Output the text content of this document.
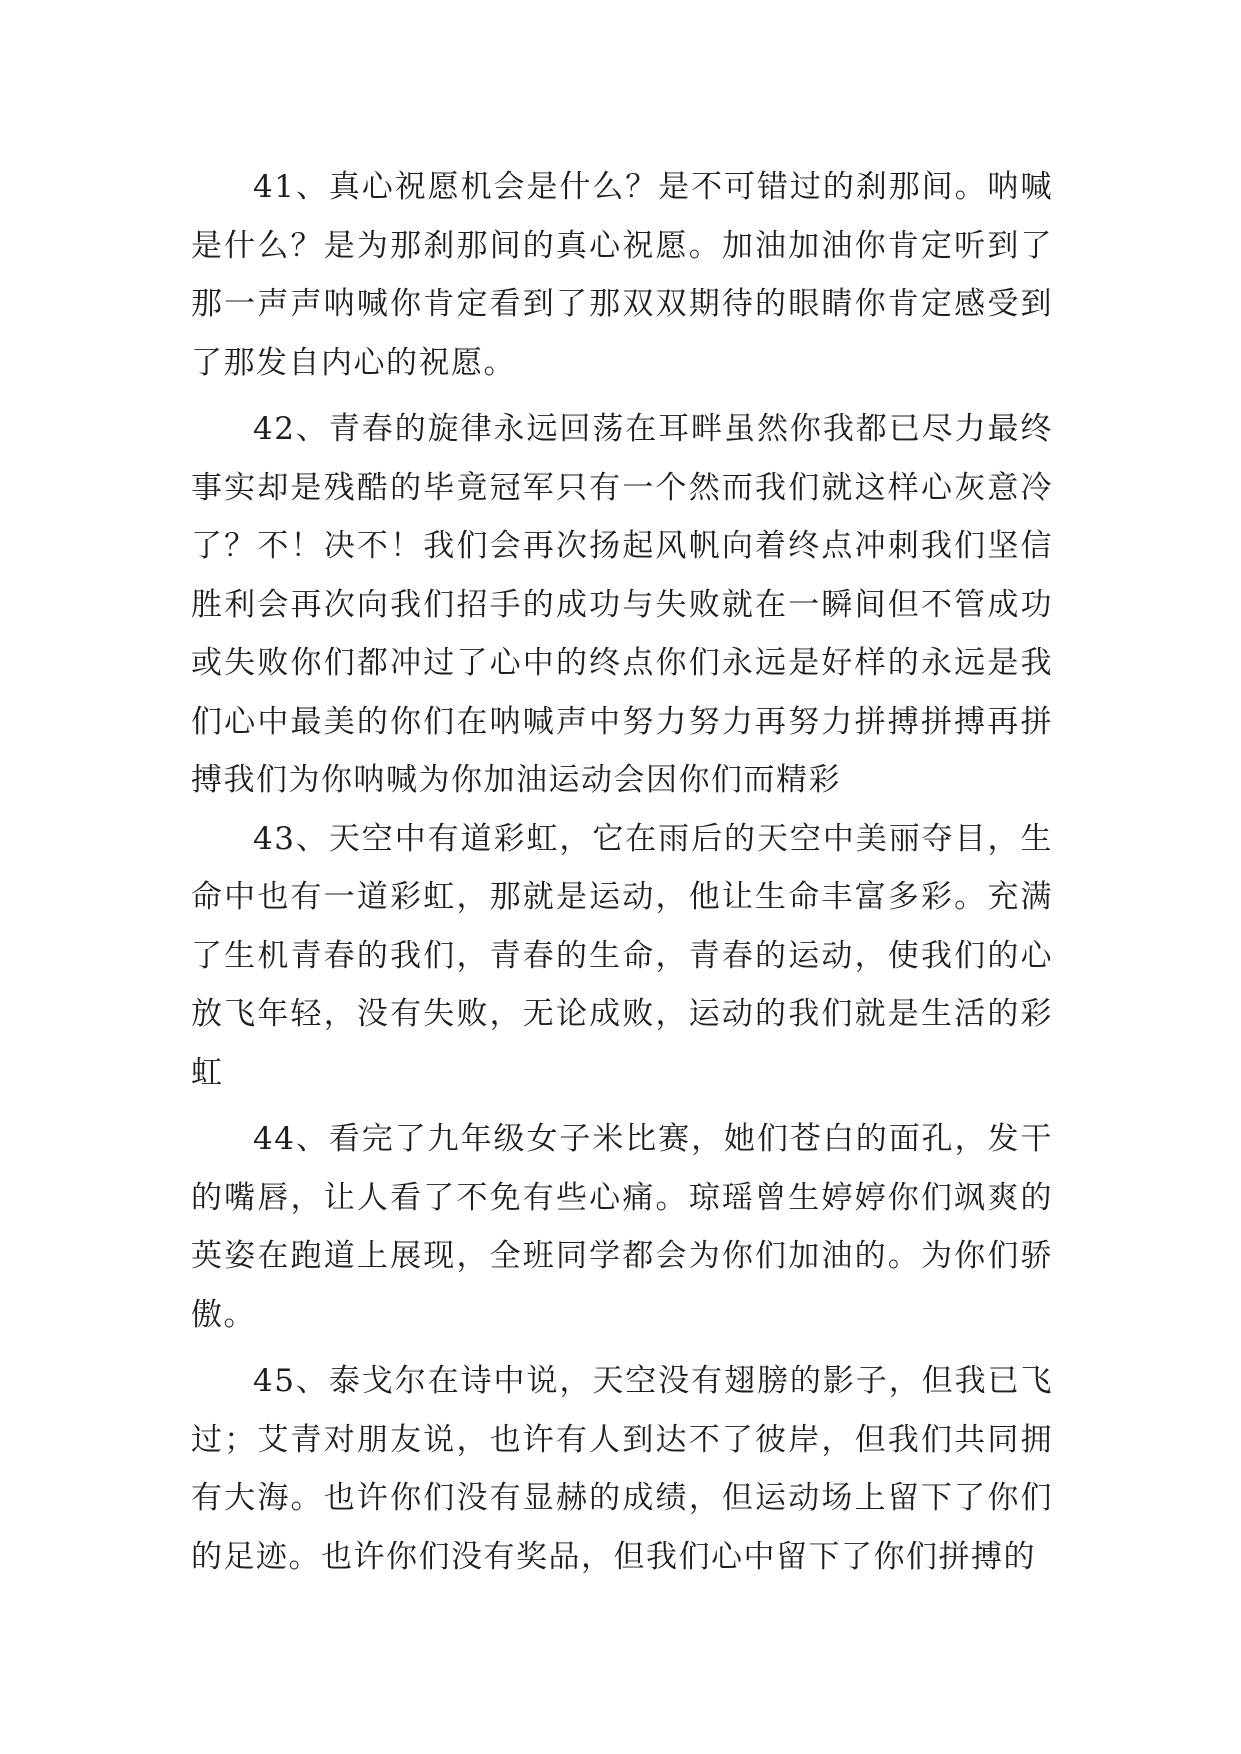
41、真心祝愿机会是什么？是不可错过的刹那间。呐喊是什么？是为那刹那间的真心祝愿。加油加油你肯定听到了那一声声呐喊你肯定看到了那双双期待的眼睛你肯定感受到了那发自内心的祝愿。

42、青春的旋律永远回荡在耳畔虽然你我都已尽力最终事实却是残酷的毕竟冠军只有一个然而我们就这样心灰意冷了？不！决不！我们会再次扬起风帆向着终点冲刺我们坚信胜利会再次向我们招手的成功与失败就在一瞬间但不管成功或失败你们都冲过了心中的终点你们永远是好样的永远是我们心中最美的你们在呐喊声中努力努力再努力拼搏拼搏再拼搏我们为你呐喊为你加油运动会因你们而精彩

43、天空中有道彩虹，它在雨后的天空中美丽夺目，生命中也有一道彩虹，那就是运动，他让生命丰富多彩。充满了生机青春的我们，青春的生命，青春的运动，使我们的心放飞年轻，没有失败，无论成败，运动的我们就是生活的彩虹

44、看完了九年级女子米比赛，她们苍白的面孔，发干的嘴唇，让人看了不免有些心痛。琼瑶曾生婷婷你们飒爽的英姿在跑道上展现，全班同学都会为你们加油的。为你们骄傲。

45、泰戈尔在诗中说，天空没有翅膀的影子，但我已飞过；艾青对朋友说，也许有人到达不了彼岸，但我们共同拥有大海。也许你们没有显赫的成绩，但运动场上留下了你们的足迹。也许你们没有奖品，但我们心中留下了你们拼搏的
